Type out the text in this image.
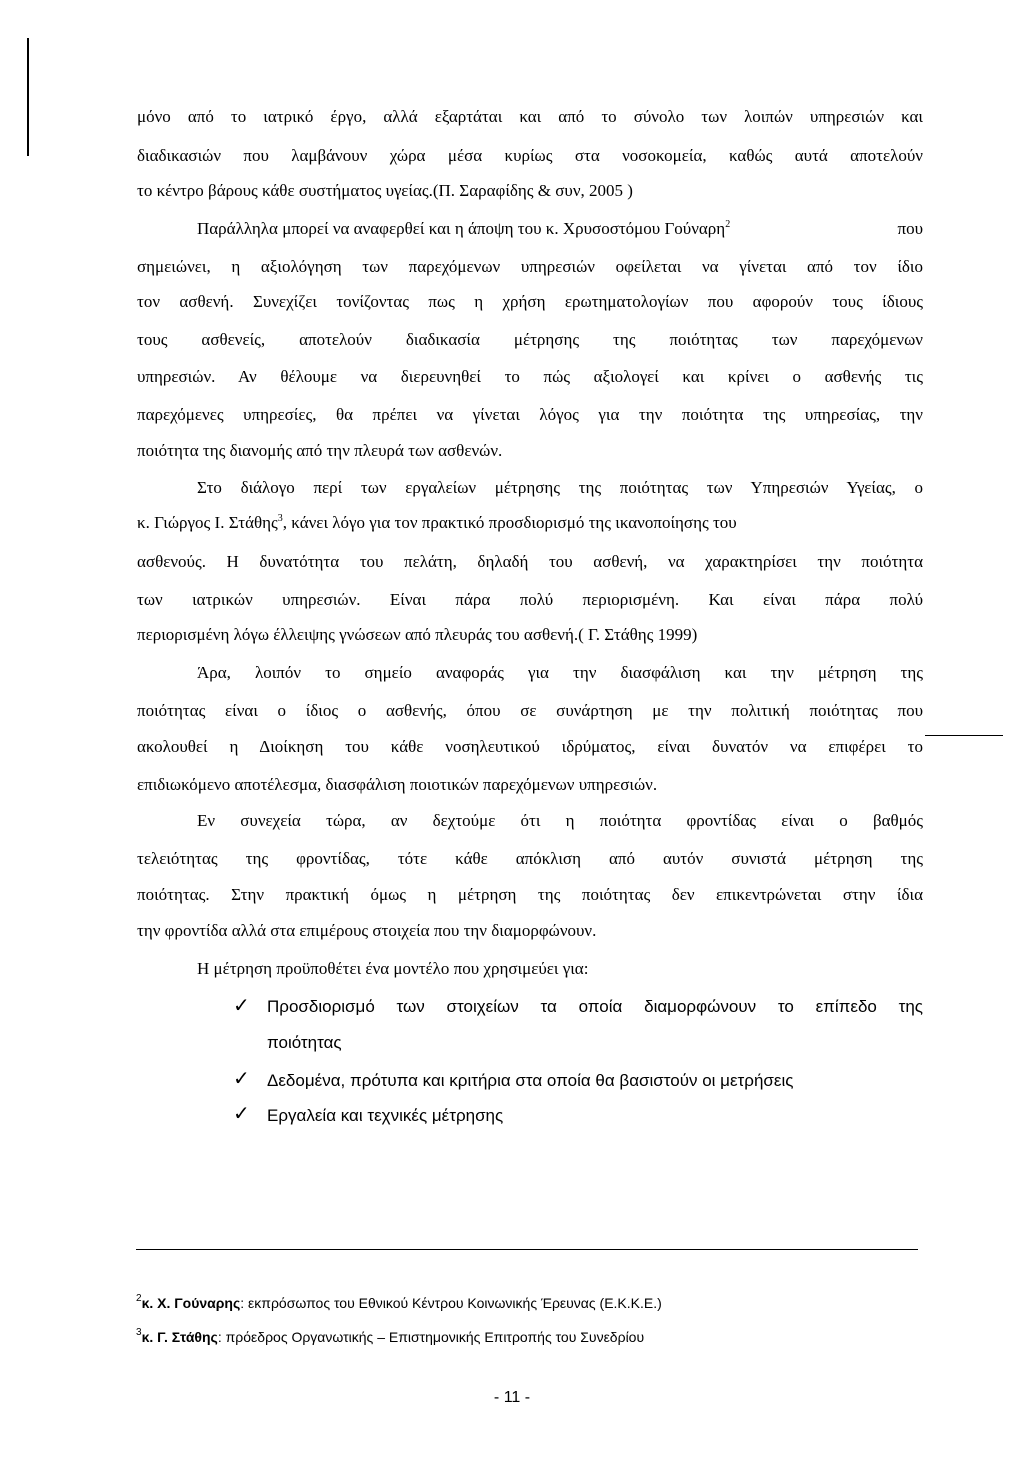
μόνο από το ιατρικό έργο, αλλά εξαρτάται και από το σύνολο των λοιπών υπηρεσιών και
διαδικασιών που λαμβάνουν χώρα μέσα κυρίως στα νοσοκομεία, καθώς αυτά αποτελούν
το κέντρο βάρους κάθε συστήματος υγείας.(Π. Σαραφίδης & συν, 2005 )
Παράλληλα μπορεί να αναφερθεί και η άποψη του κ. Χρυσοστόμου Γούναρη$^2$	που
σημειώνει, η αξιολόγηση των παρεχόμενων υπηρεσιών οφείλεται να γίνεται από τον ίδιο
τον ασθενή. Συνεχίζει τονίζοντας πως η χρήση ερωτηματολογίων που αφορούν τους ίδιους
τους ασθενείς, αποτελούν διαδικασία μέτρησης της ποιότητας των παρεχόμενων
υπηρεσιών. Αν θέλουμε να διερευνηθεί το πώς αξιολογεί και κρίνει ο ασθενής τις
παρεχόμενες υπηρεσίες, θα πρέπει να γίνεται λόγος για την ποιότητα της υπηρεσίας, την
ποιότητα της διανομής από την πλευρά των ασθενών.
Στο διάλογο περί των εργαλείων μέτρησης της ποιότητας των Υπηρεσιών Υγείας, ο
κ. Γιώργος Ι. Στάθης$^3$, κάνει λόγο για τον πρακτικό προσδιορισμό της ικανοποίησης του
ασθενούς. Η δυνατότητα του πελάτη, δηλαδή του ασθενή, να χαρακτηρίσει την ποιότητα
των ιατρικών υπηρεσιών. Είναι πάρα πολύ περιορισμένη. Και είναι πάρα πολύ
περιορισμένη λόγω έλλειψης γνώσεων από πλευράς του ασθενή.( Γ. Στάθης 1999)
Άρα, λοιπόν το σημείο αναφοράς για την διασφάλιση και την μέτρηση της
ποιότητας είναι ο ίδιος ο ασθενής, όπου σε συνάρτηση με την πολιτική ποιότητας που
ακολουθεί η Διοίκηση του κάθε νοσηλευτικού ιδρύματος, είναι δυνατόν να επιφέρει το
επιδιωκόμενο αποτέλεσμα, διασφάλιση ποιοτικών παρεχόμενων υπηρεσιών.
Εν συνεχεία τώρα, αν δεχτούμε ότι η ποιότητα φροντίδας είναι ο βαθμός
τελειότητας της φροντίδας, τότε κάθε απόκλιση από αυτόν συνιστά μέτρηση της
ποιότητας. Στην πρακτική όμως η μέτρηση της ποιότητας δεν επικεντρώνεται στην ίδια
την φροντίδα αλλά στα επιμέρους στοιχεία που την διαμορφώνουν.
Η μέτρηση προϋποθέτει ένα μοντέλο που χρησιμεύει για:
✓ Προσδιορισμό των στοιχείων τα οποία διαμορφώνουν το επίπεδο της
ποιότητας
✓ Δεδομένα, πρότυπα και κριτήρια στα οποία θα βασιστούν οι μετρήσεις
✓ Εργαλεία και τεχνικές μέτρησης
$^2$κ. Χ. Γούναρης: εκπρόσωπος του Εθνικού Κέντρου Κοινωνικής Έρευνας (Ε.Κ.Κ.Ε.)
$^3$κ. Γ. Στάθης: πρόεδρος Οργανωτικής – Επιστημονικής Επιτροπής του Συνεδρίου
- 11 -
